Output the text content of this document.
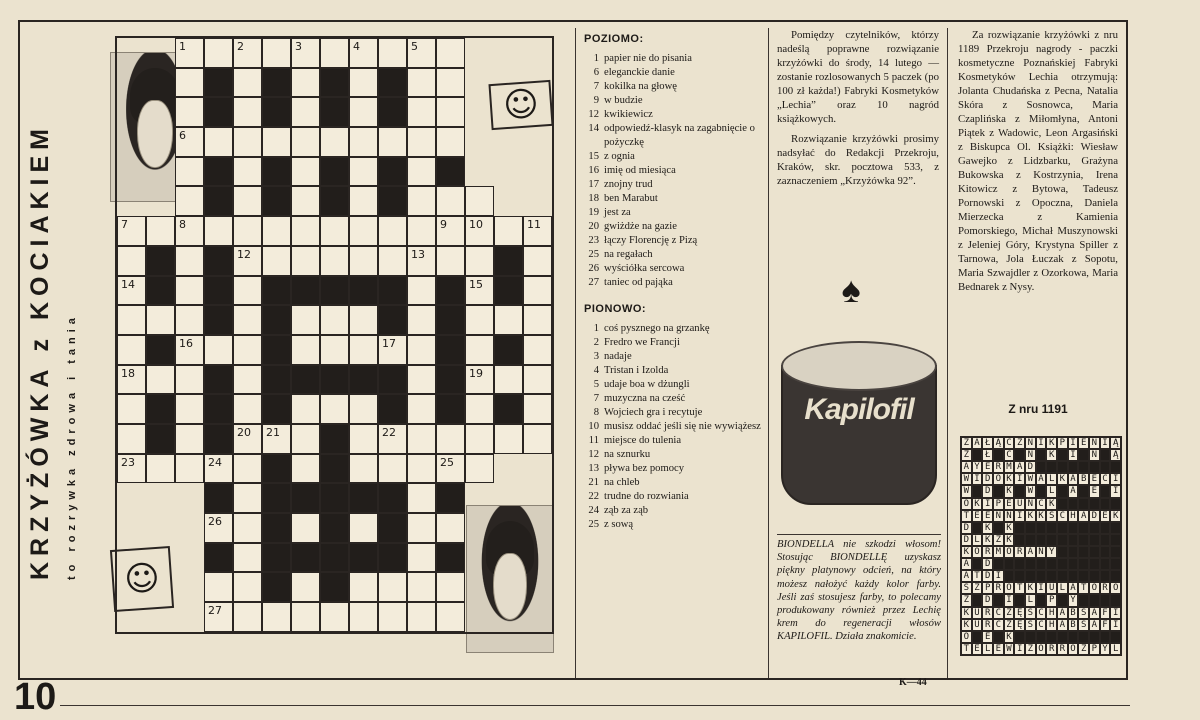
KRZYŻÓWKA z KOCIAKIEM to rozrywka zdrowa i tania
☺
☺
1	2	3	4	5
6
7	8	9 10	11
12	13
14	15
16	17
18	19
20 21	22
23	24	25
26
27
POZIOMO:
1 papier nie do pisania
6 eleganckie danie
7 kokilka na głowę
9 w budzie
12 kwikiewicz
14 odpowiedź-klasyk na zagabnięcie o pożyczkę
15 z ognia
16 imię od miesiąca
17 znojny trud
18 ben Marabut
19 jest za
20 gwiżdże na gazie
23 łączy Florencję z Pizą
25 na regałach
26 wyściółka sercowa
27 taniec od pająka
PIONOWO:
1 coś pysznego na grzankę
2 Fredro we Francji
3 nadaje
4 Tristan i Izolda
5 udaje boa w dżungli
7 muzyczna na cześć
8 Wojciech gra i recytuje
10 musisz oddać jeśli się nie wywiążesz
11 miejsce do tulenia
12 na sznurku
13 pływa bez pomocy
21 na chleb
22 trudne do rozwiania
24 ząb za ząb
25 z sową

Pomiędzy czytelników, którzy nadeślą poprawne rozwiązanie krzyżówki do środy, 14 lutego — zostanie rozlosowanych 5 paczek (po 100 zł każda!) Fabryki Kosmetyków „Lechia” oraz 10 nagród książkowych.

Rozwiązanie krzyżówki prosimy nadsyłać do Redakcji Przekroju, Kraków, skr. pocztowa 533, z zaznaczeniem „Krzyżówka 92”.

♠
Kapilofil
BIONDELLA nie szkodzi włosom! Stosując BIONDELLĘ uzyskasz piękny platynowy odcień, na który możesz nałożyć każdy kolor farby. Jeśli zaś stosujesz farby, to polecamy produkowany również przez Lechię krem do regeneracji włosów KAPILOFIL. Działa znakomicie.
K—44

Za rozwiązanie krzyżówki z nru 1189 Przekroju nagrody - paczki kosmetyczne Poznańskiej Fabryki Kosmetyków Lechia otrzymują: Jolanta Chudańska z Pecna, Natalia Skóra z Sosnowca, Maria Czaplińska z Miłomłyna, Antoni Piątek z Wadowic, Leon Argasiński z Biskupca Ol. Książki: Wiesław Gawejko z Lidzbarku, Grażyna Bukowska z Kostrzynia, Irena Kitowicz z Bytowa, Tadeusz Pornowski z Opoczna, Daniela Mierzecka z Kamienia Pomorskiego, Michał Muszynowski z Jeleniej Góry, Krystyna Spiller z Tarnowa, Jola Łuczak z Sopotu, Maria Szwajdler z Ozorkowa, Maria Bednarek z Nysy.

Z nru 1191
Z A Ł Ą C Z N I K P I E N I Ą
Z Ł C N K I N Ą
A Y E R M A D
W I D O K I W A L K A B E C I
W D K W L A E I
Ó K I P E U N C K
T E E N N I K K S C H A D E K
D K K
D L K Z K
K O R M O R A N Y
A D
A T D I
S Z P R O T K I U L A T O R O
Z D I L P Y
K U R C Z Ę S C H A B S A F I
K U R C Z Ę S C H A B S A F I
O E K
T E L E W I Z O R R O Z P Y L
10
